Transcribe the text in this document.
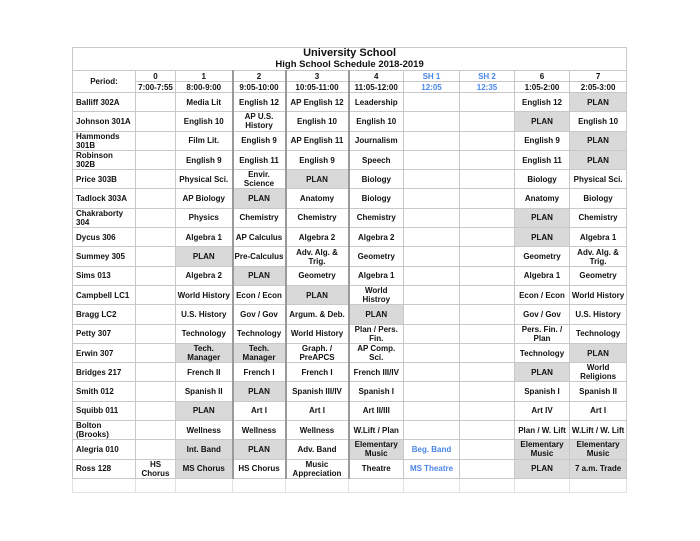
University School									
High School Schedule 2018-2019									
Period:	0	1	2	3	4	SH 1	SH 2	6	7
	7:00-7:55	8:00-9:00	9:05-10:00	10:05-11:00	11:05-12:00	12:05	12:35	1:05-2:00	2:05-3:00
Balliff 302A		Media Lit	English 12	AP English 12	Leadership			English 12	PLAN
Johnson 301A		English 10	AP U.S. History	English 10	English 10			PLAN	English 10
Hammonds 301B		Film Lit.	English 9	AP English 11	Journalism			English 9	PLAN
Robinson 302B		English 9	English 11	English 9	Speech			English 11	PLAN
Price 303B		Physical Sci.	Envir. Science	PLAN	Biology			Biology	Physical Sci.
Tadlock 303A		AP Biology	PLAN	Anatomy	Biology			Anatomy	Biology
Chakraborty 304		Physics	Chemistry	Chemistry	Chemistry			PLAN	Chemistry
Dycus 306		Algebra 1	AP Calculus	Algebra 2	Algebra 2			PLAN	Algebra 1
Summey 305		PLAN	Pre-Calculus	Adv. Alg. & Trig.	Geometry			Geometry	Adv. Alg. & Trig.
Sims 013		Algebra 2	PLAN	Geometry	Algebra 1			Algebra 1	Geometry
Campbell LC1		World History	Econ / Econ	PLAN	World Histroy			Econ / Econ	World History
Bragg LC2		U.S. History	Gov / Gov	Argum. & Deb.	PLAN			Gov / Gov	U.S. History
Petty 307		Technology	Technology	World History	Plan / Pers. Fin.			Pers. Fin. / Plan	Technology
Erwin 307		Tech. Manager	Tech. Manager	Graph. / PreAPCS	AP Comp. Sci.			Technology	PLAN
Bridges 217		French II	French I	French I	French III/IV			PLAN	World Religions
Smith 012		Spanish II	PLAN	Spanish III/IV	Spanish I			Spanish I	Spanish II
Squibb 011		PLAN	Art I	Art I	Art II/III			Art IV	Art I
Bolton (Brooks)		Wellness	Wellness	Wellness	W.Lift / Plan			Plan / W. Lift	W.Lift / W. Lift
Alegria 010		Int. Band	PLAN	Adv. Band	Elementary Music	Beg. Band		Elementary Music	Elementary Music
Ross 128	HS Chorus	MS Chorus	HS Chorus	Music Appreciation	Theatre	MS Theatre		PLAN	7 a.m. Trade
